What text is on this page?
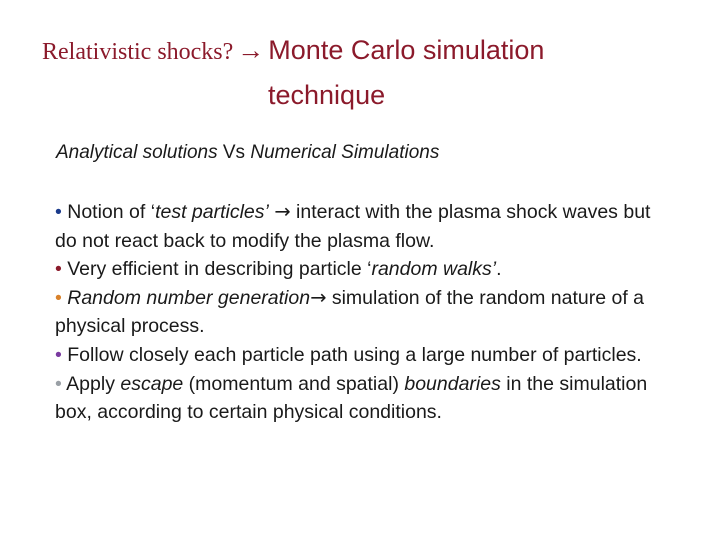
Relativistic shocks? → Monte Carlo simulation
technique
Analytical solutions Vs Numerical Simulations
• Notion of ‘test particles’ → interact with the plasma shock waves but do not react back to modify the plasma flow.
• Very efficient in describing particle ‘random walks’.
• Random number generation→ simulation of the random nature of a physical process.
• Follow closely each particle path using a large number of particles.
• Apply escape (momentum and spatial) boundaries in the simulation box, according to certain physical conditions.
